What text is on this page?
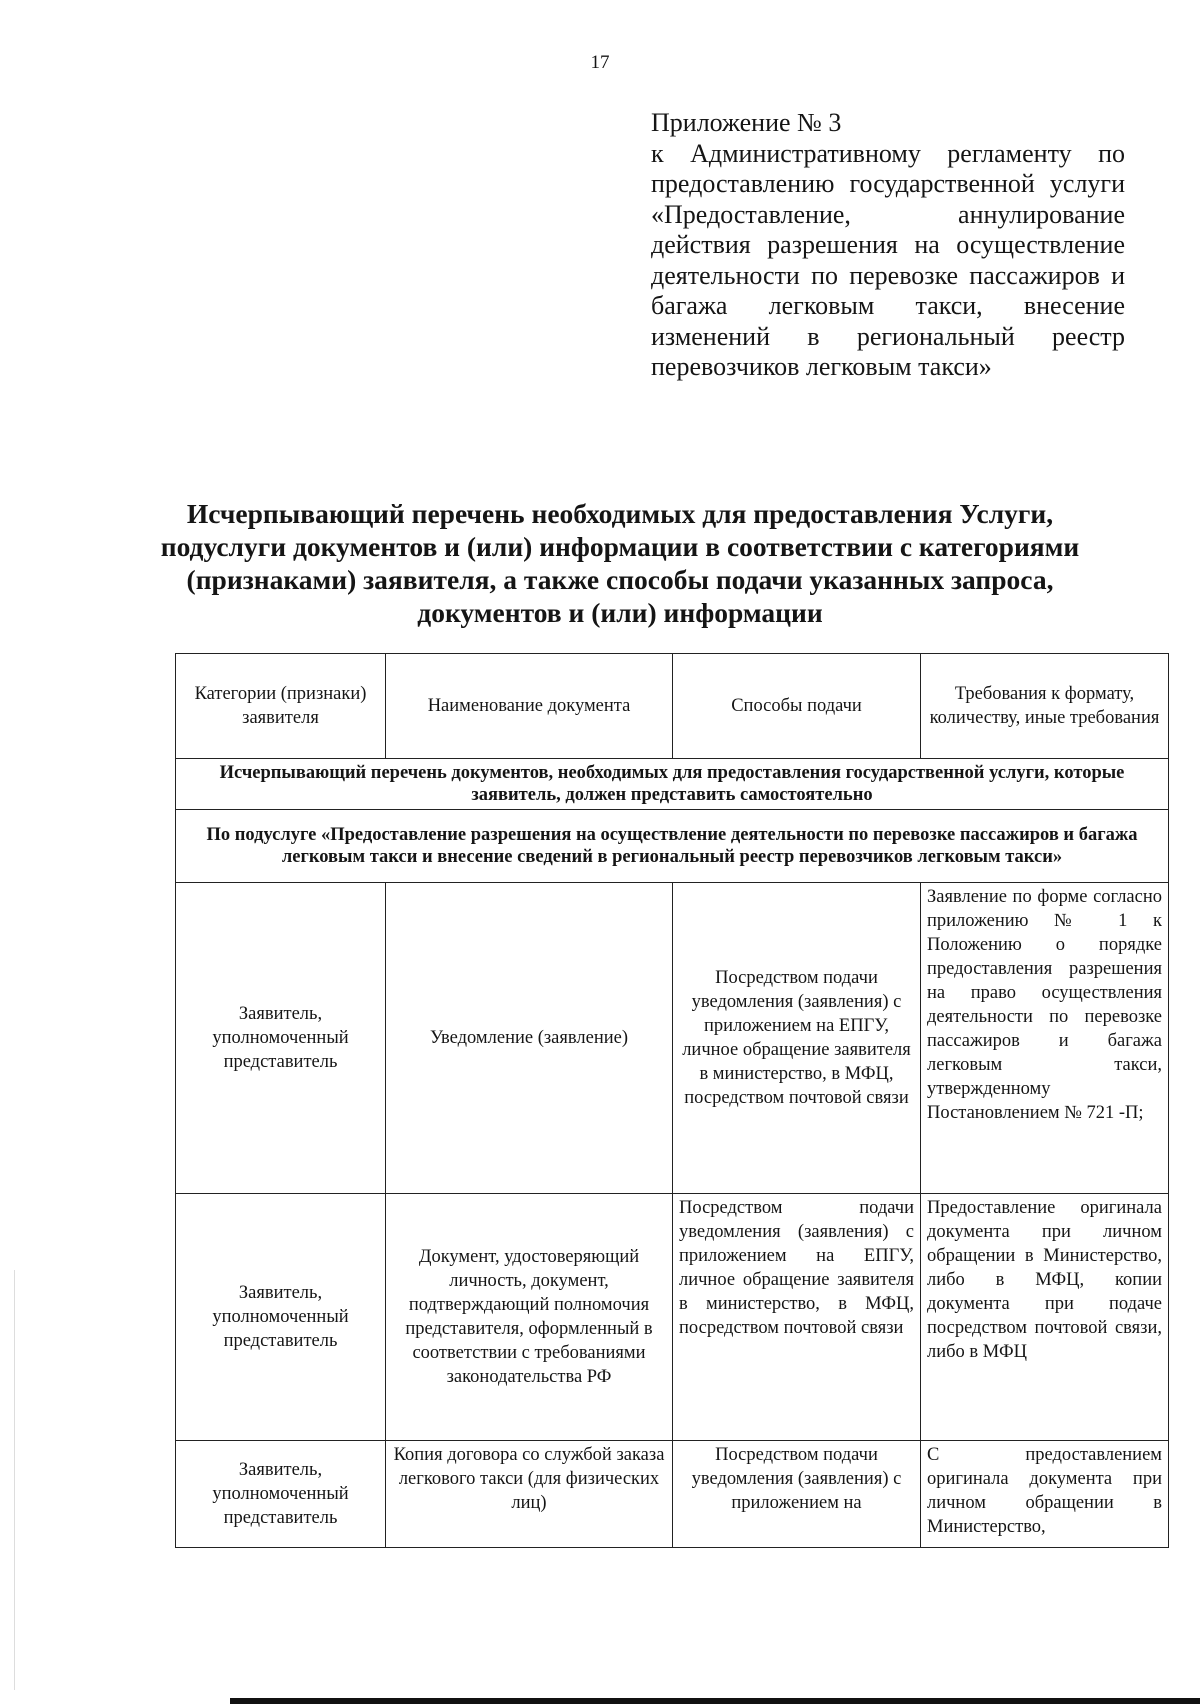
17
Приложение № 3
к Административному регламенту по предоставлению государственной услуги «Предоставление, аннулирование действия разрешения на осуществление деятельности по перевозке пассажиров и багажа легковым такси, внесение изменений в региональный реестр перевозчиков легковым такси»
Исчерпывающий перечень необходимых для предоставления Услуги, подуслуги документов и (или) информации в соответствии с категориями (признаками) заявителя, а также способы подачи указанных запроса, документов и (или) информации
Категории (признаки) заявителя	Наименование документа	Способы подачи	Требования к формату, количеству, иные требования
Исчерпывающий перечень документов, необходимых для предоставления государственной услуги, которые заявитель, должен представить самостоятельно			
По подуслуге «Предоставление разрешения на осуществление деятельности по перевозке пассажиров и багажа легковым такси и внесение сведений в региональный реестр перевозчиков легковым такси»			
Заявитель, уполномоченный представитель	Уведомление (заявление)	Посредством подачи уведомления (заявления) с приложением на ЕПГУ, личное обращение заявителя в министерство, в МФЦ, посредством почтовой связи	Заявление по форме согласно приложению № 1 к Положению о порядке предоставления разрешения на право осуществления деятельности по перевозке пассажиров и багажа легковым такси, утвержденному Постановлением № 721 -П;
Заявитель, уполномоченный представитель	Документ, удостоверяющий личность, документ, подтверждающий полномочия представителя, оформленный в соответствии с требованиями законодательства РФ	Посредством подачи уведомления (заявления) с приложением на ЕПГУ, личное обращение заявителя в министерство, в МФЦ, посредством почтовой связи	Предоставление оригинала документа при личном обращении в Министерство, либо в МФЦ, копии документа при подаче посредством почтовой связи, либо в МФЦ
Заявитель, уполномоченный представитель	Копия договора со службой заказа легкового такси (для физических лиц)	Посредством подачи уведомления (заявления) с приложением на	С предоставлением оригинала документа при личном обращении в Министерство,
